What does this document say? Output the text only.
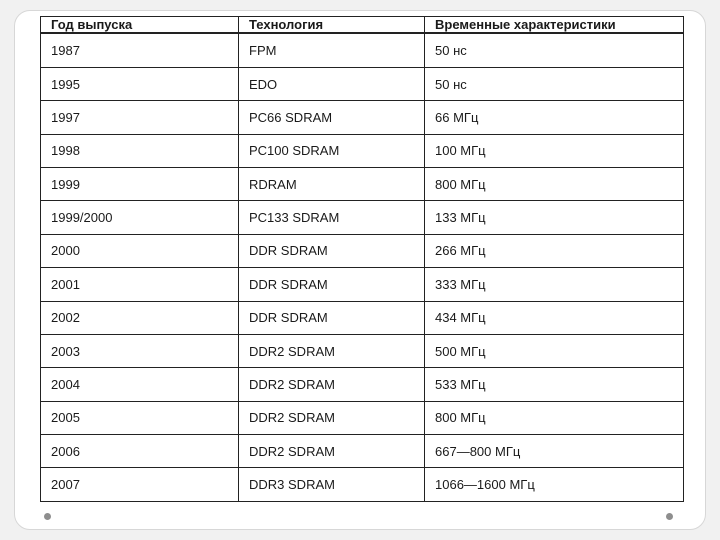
Год выпуска	Технология	Временные характеристики
1987	FPM	50 нс
1995	EDO	50 нс
1997	PC66 SDRAM	66 МГц
1998	PC100 SDRAM	100 МГц
1999	RDRAM	800 МГц
1999/2000	PC133 SDRAM	133 МГц
2000	DDR SDRAM	266 МГц
2001	DDR SDRAM	333 МГц
2002	DDR SDRAM	434 МГц
2003	DDR2 SDRAM	500 МГц
2004	DDR2 SDRAM	533 МГц
2005	DDR2 SDRAM	800 МГц
2006	DDR2 SDRAM	667—800 МГц
2007	DDR3 SDRAM	1066—1600 МГц
